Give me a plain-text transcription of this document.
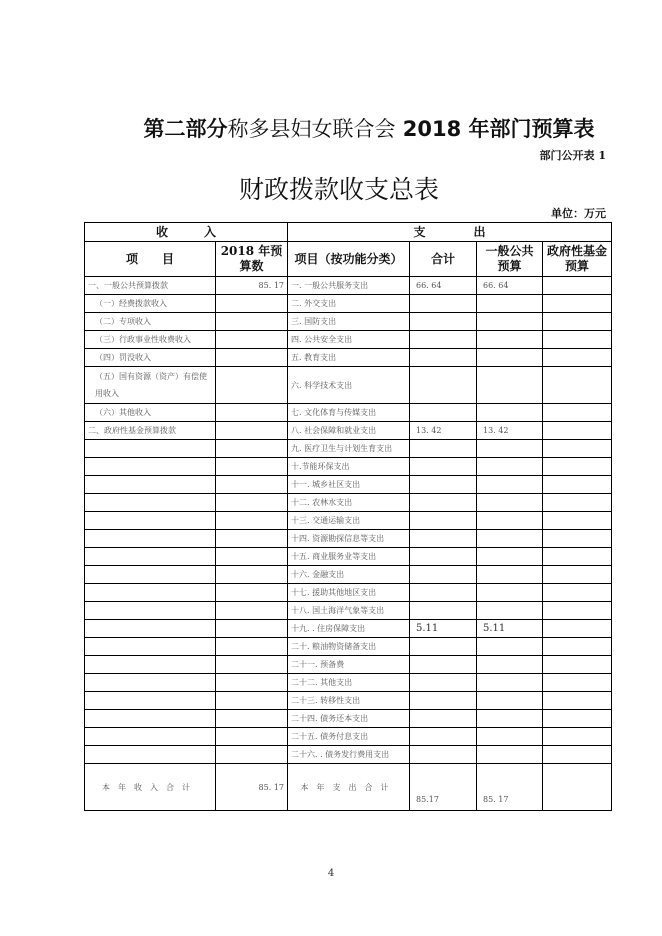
第二部分称多县妇女联合会 2018 年部门预算表
部门公开表 1
财政拨款收支总表
单位：万元
收　　　入		支　　　　出			
项　　目	2018 年预算数	项目（按功能分类）	合计	一般公共预算	政府性基金预算
一、一般公共预算拨款	85. 17	一. 一般公共服务支出	66. 64	66. 64	
（一）经费拨款收入		二. 外交支出			
（二）专项收入		三. 国防支出			
（三）行政事业性收费收入		四. 公共安全支出			
（四）罚没收入		五. 教育支出			
（五）国有资源（资产）有偿使用收入		六. 科学技术支出			
（六）其他收入		七. 文化体育与传媒支出			
二、政府性基金预算拨款		八. 社会保障和就业支出	13. 42	13. 42	
		九. 医疗卫生与计划生育支出			
		十.节能环保支出			
		十一. 城乡社区支出			
		十二. 农林水支出			
		十三. 交通运输支出			
		十四. 资源勘探信息等支出			
		十五. 商业服务业等支出			
		十六. 金融支出			
		十七. 援助其他地区支出			
		十八. 国土海洋气象等支出			
		十九. . 住房保障支出	5.11	5.11	
		二十. 粮油物资储备支出			
		二十一. 预备费			
		二十二. 其他支出			
		二十三. 转移性支出			
		二十四. 债务还本支出			
		二十五. 债务付息支出			
		二十六. . 债务发行费用支出			
本年收入合计	85. 17	本年支出合计	85.17	85. 17	
4
